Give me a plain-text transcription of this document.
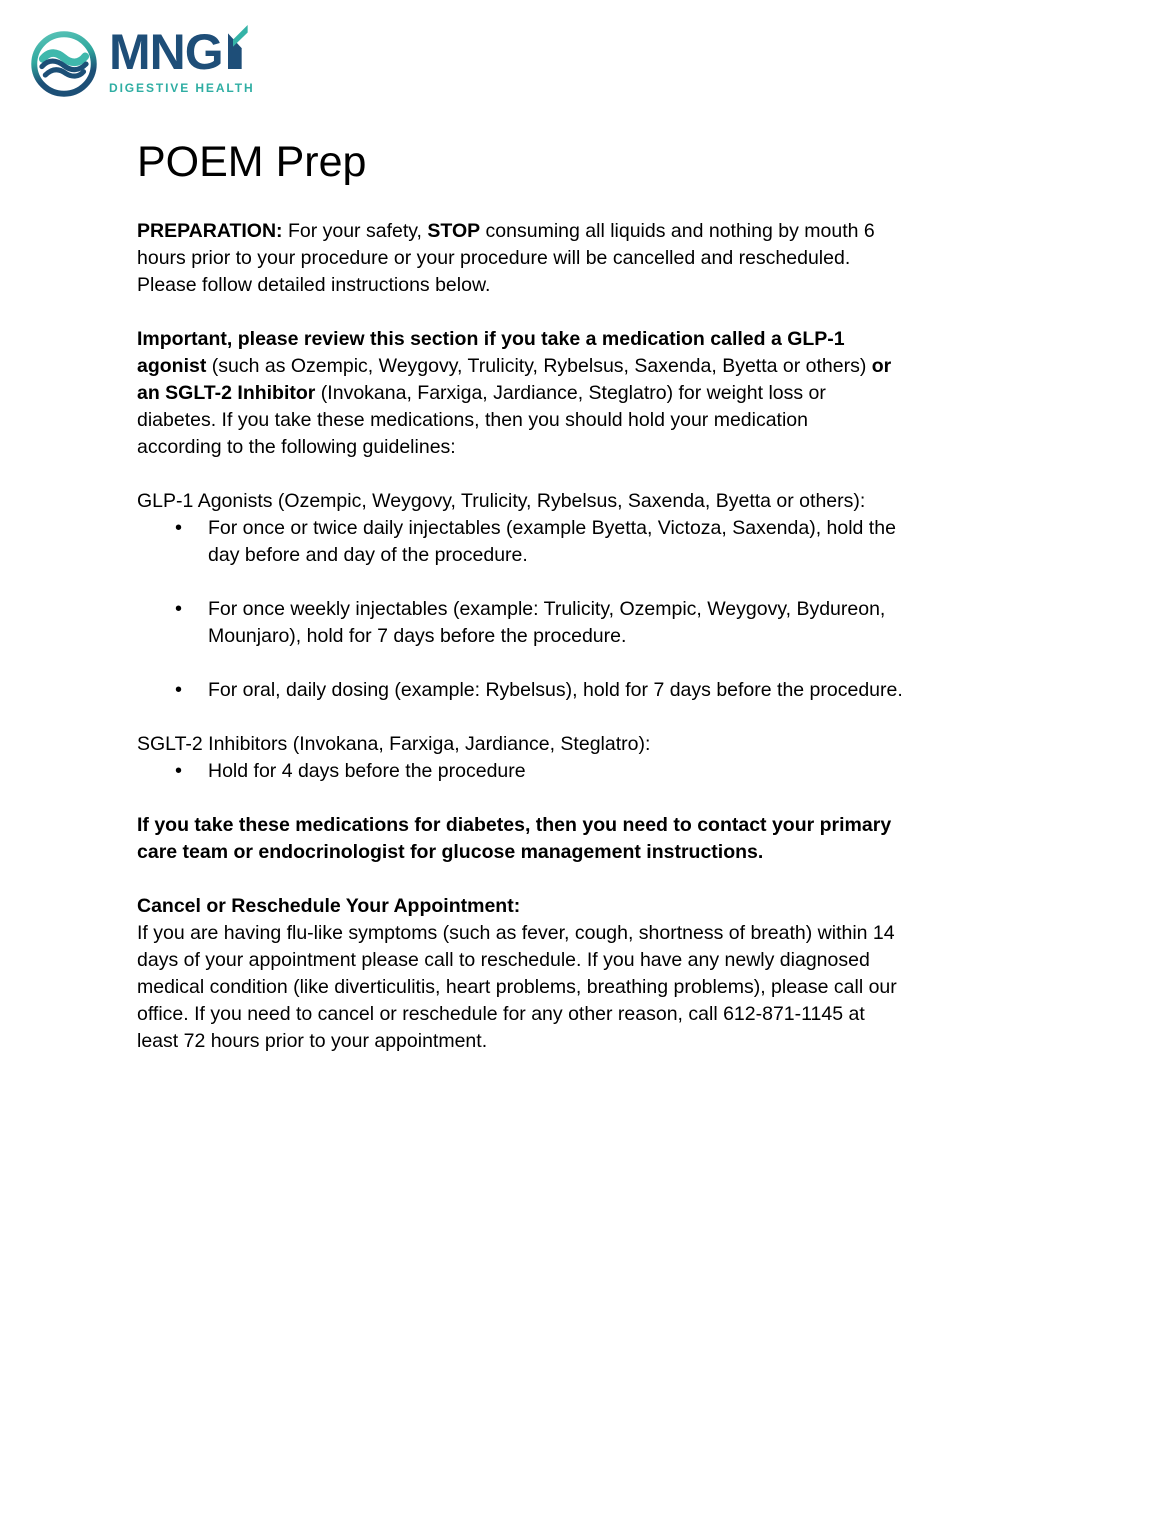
MNG
DIGESTIVE HEALTH
POEM Prep

PREPARATION: For your safety, STOP consuming all liquids and nothing by mouth 6
hours prior to your procedure or your procedure will be cancelled and rescheduled.
Please follow detailed instructions below.

Important, please review this section if you take a medication called a GLP-1
agonist (such as Ozempic, Weygovy, Trulicity, Rybelsus, Saxenda, Byetta or others) or
an SGLT-2 Inhibitor (Invokana, Farxiga, Jardiance, Steglatro) for weight loss or
diabetes. If you take these medications, then you should hold your medication
according to the following guidelines:

GLP-1 Agonists (Ozempic, Weygovy, Trulicity, Rybelsus, Saxenda, Byetta or others):

• For once or twice daily injectables (example Byetta, Victoza, Saxenda), hold the
day before and day of the procedure.
• For once weekly injectables (example: Trulicity, Ozempic, Weygovy, Bydureon,
Mounjaro), hold for 7 days before the procedure.
• For oral, daily dosing (example: Rybelsus), hold for 7 days before the procedure.

SGLT-2 Inhibitors (Invokana, Farxiga, Jardiance, Steglatro):

• Hold for 4 days before the procedure

If you take these medications for diabetes, then you need to contact your primary
care team or endocrinologist for glucose management instructions.

Cancel or Reschedule Your Appointment:
If you are having flu-like symptoms (such as fever, cough, shortness of breath) within 14
days of your appointment please call to reschedule. If you have any newly diagnosed
medical condition (like diverticulitis, heart problems, breathing problems), please call our
office. If you need to cancel or reschedule for any other reason, call 612-871-1145 at
least 72 hours prior to your appointment.
